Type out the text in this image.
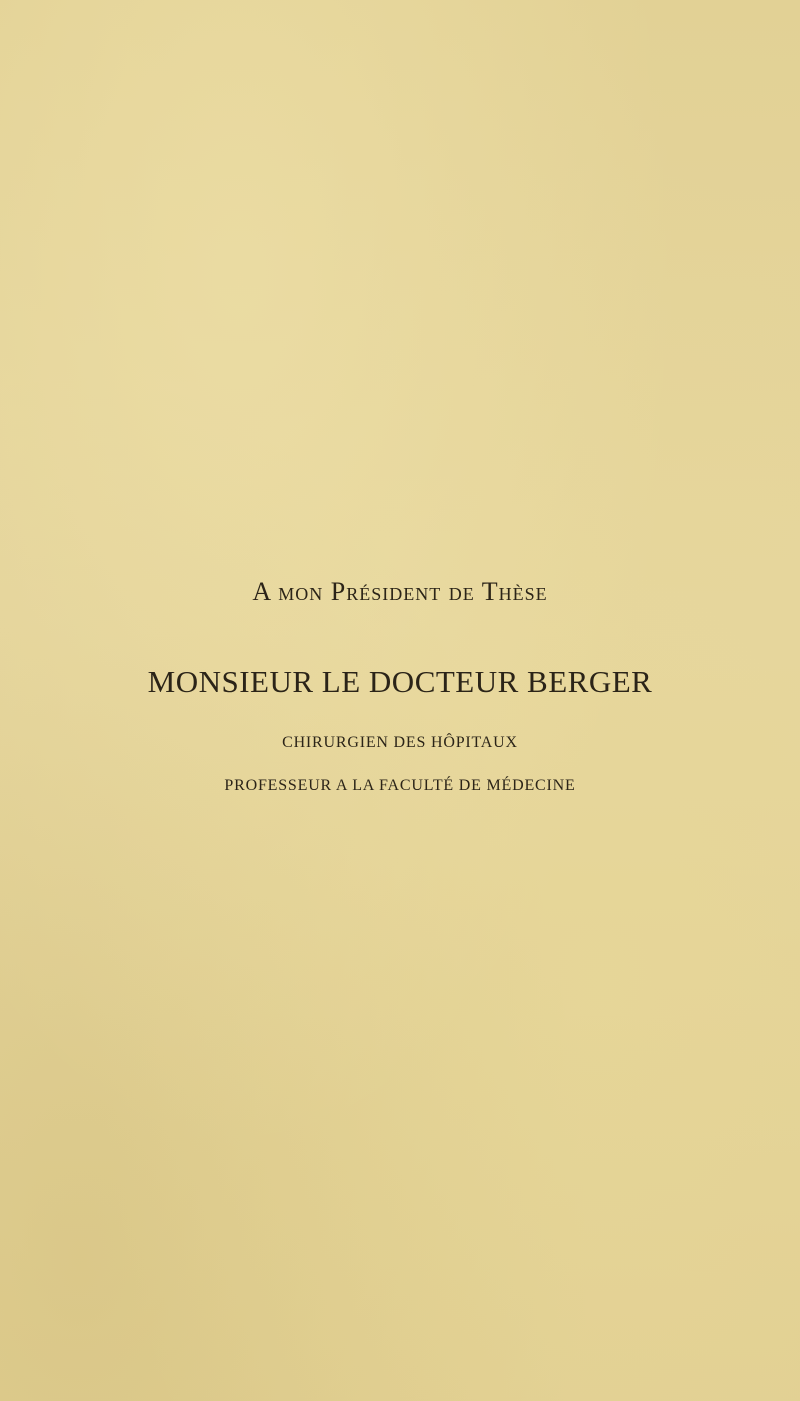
A mon Président de Thèse
MONSIEUR LE DOCTEUR BERGER
CHIRURGIEN DES HÔPITAUX
PROFESSEUR A LA FACULTÉ DE MÉDECINE
